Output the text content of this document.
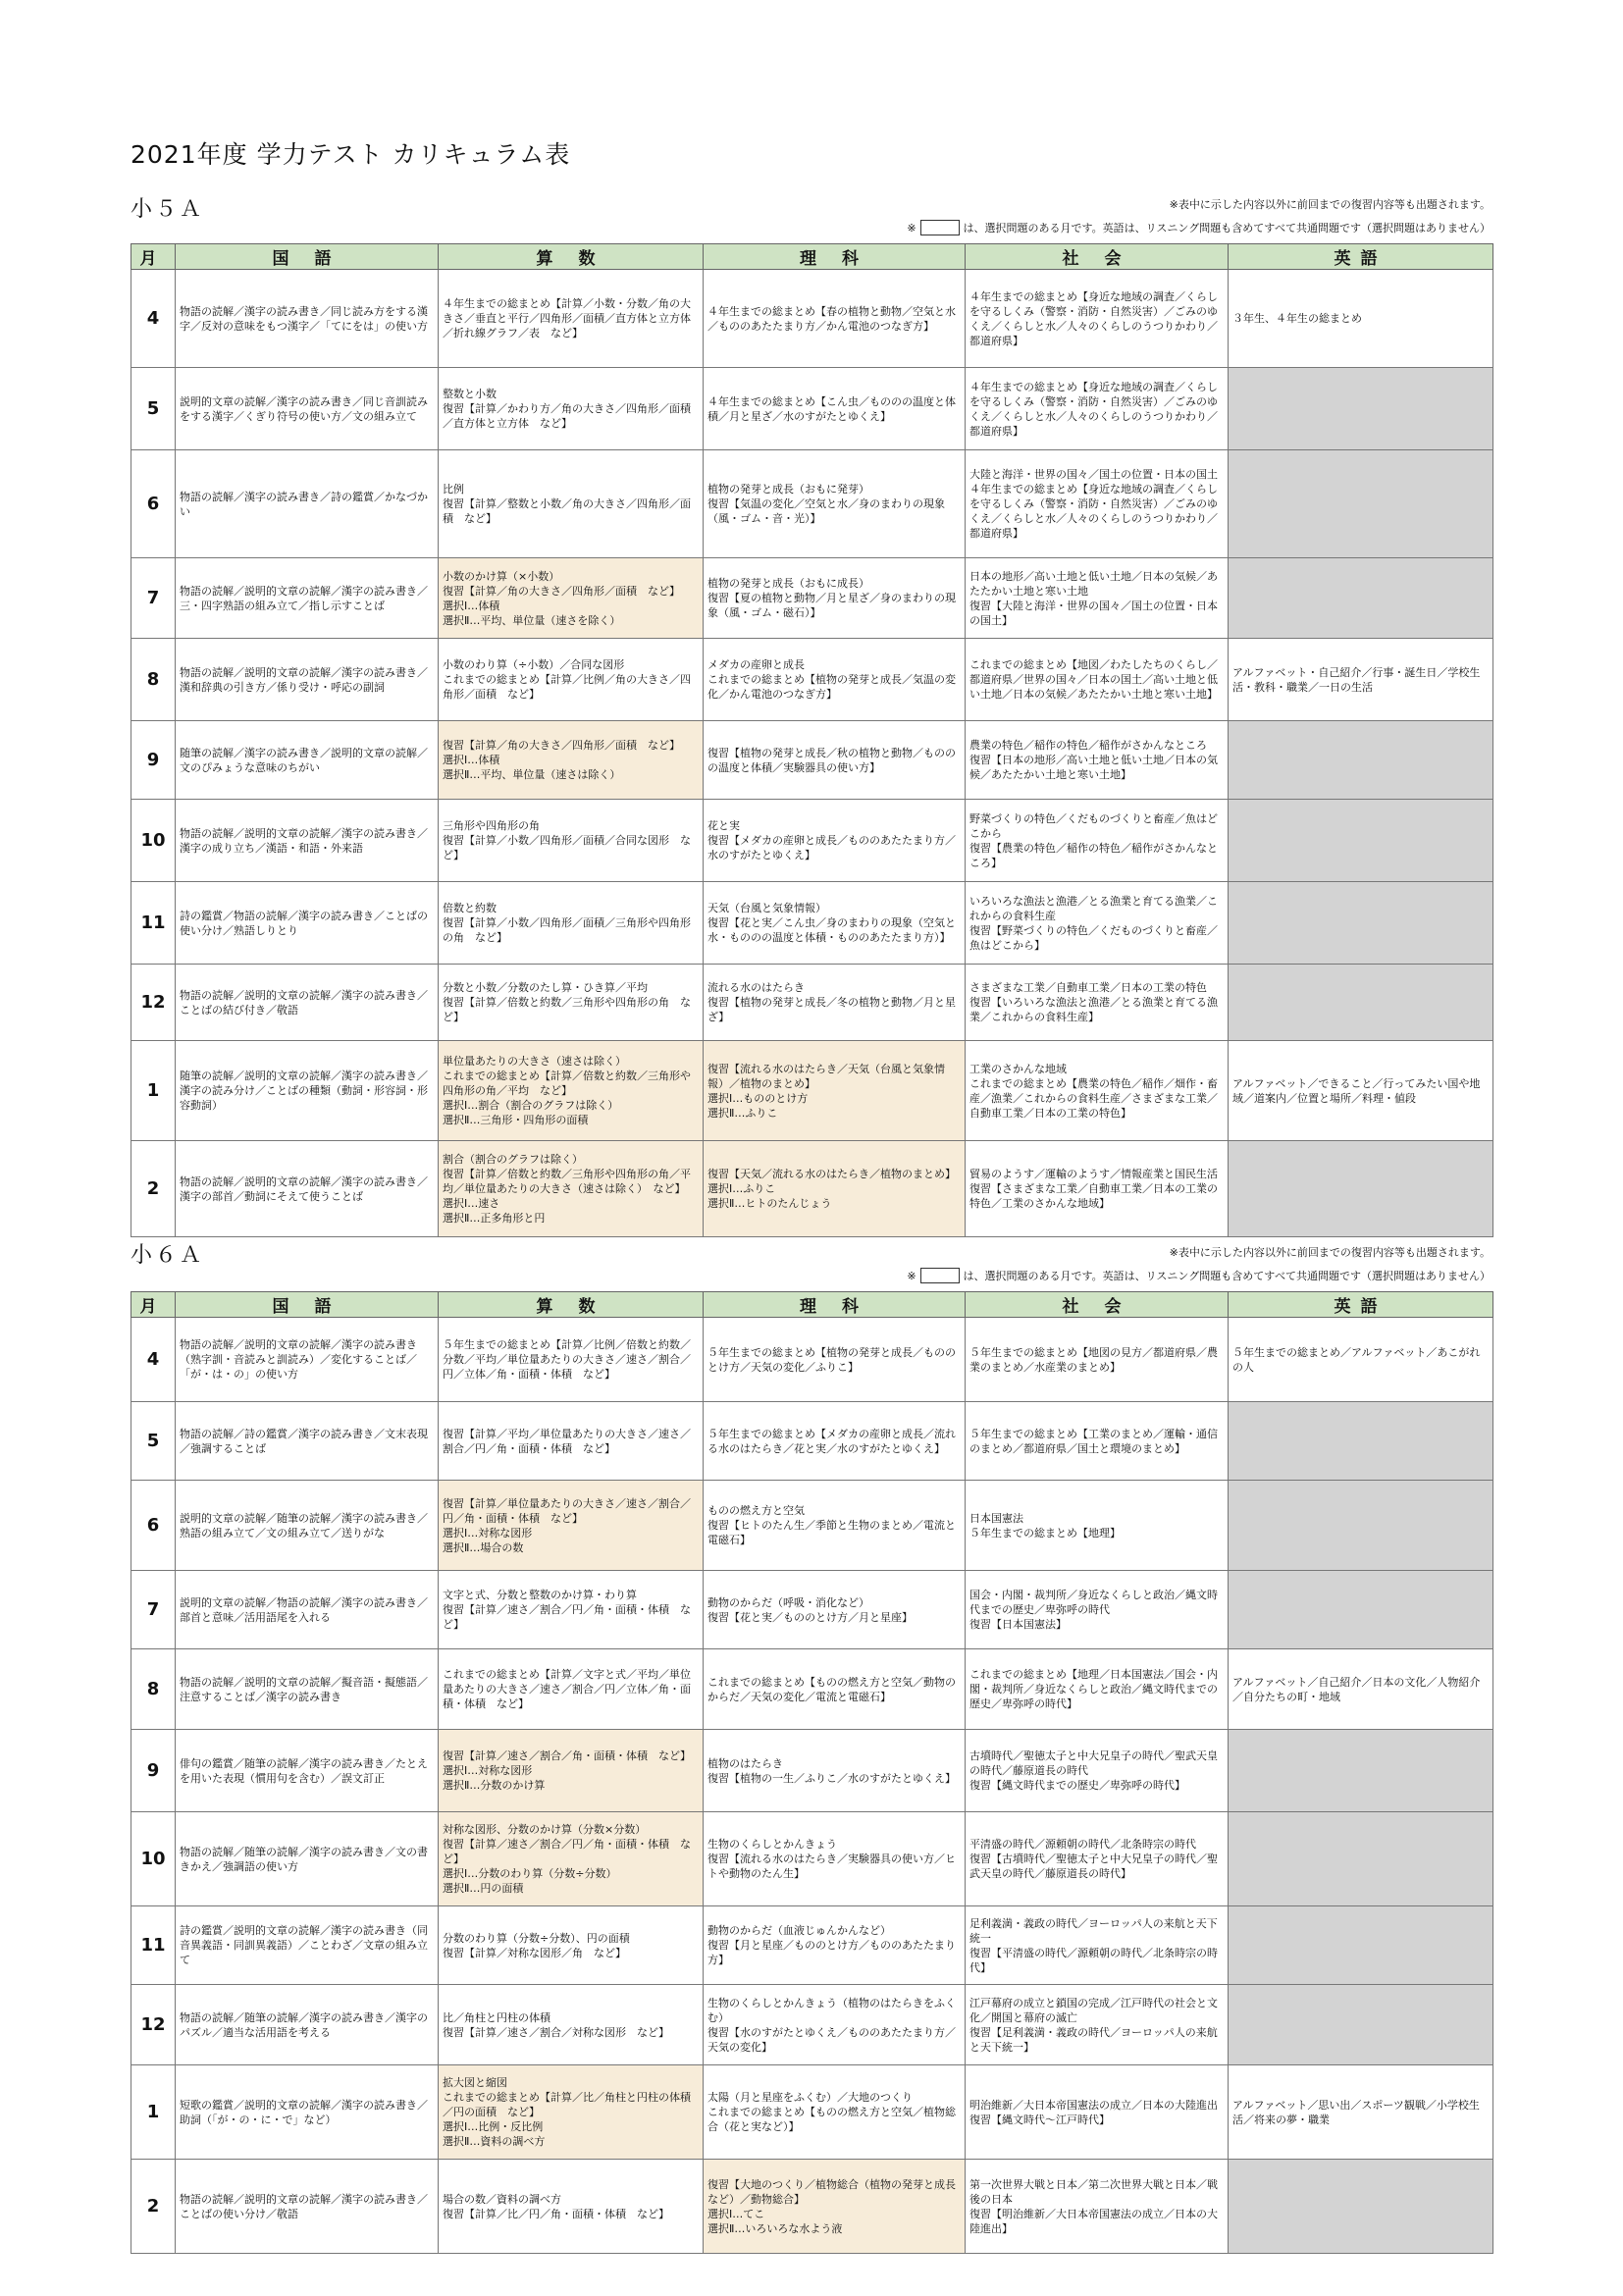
2021年度 学力テスト カリキュラム表
小５Ａ	※表中に示した内容以外に前回までの復習内容等も出題されます。
※	は、選択問題のある月です。英語は、リスニング問題も含めてすべて共通問題です（選択問題はありません）
月	国 語	算 数	理 科	社 会	英語
4	物語の読解／漢字の読み書き／同じ読み方をする漢字／反対の意味をもつ漢字／「てにをは」の使い方	４年生までの総まとめ【計算／小数・分数／角の大きさ／垂直と平行／四角形／面積／直方体と立方体／折れ線グラフ／表　など】	４年生までの総まとめ【春の植物と動物／空気と水／もののあたたまり方／かん電池のつなぎ方】	４年生までの総まとめ【身近な地域の調査／くらしを守るしくみ（警察・消防・自然災害）／ごみのゆくえ／くらしと水／人々のくらしのうつりかわり／都道府県】	３年生、４年生の総まとめ
5	説明的文章の読解／漢字の読み書き／同じ音訓読みをする漢字／くぎり符号の使い方／文の組み立て	整数と小数
復習【計算／かわり方／角の大きさ／四角形／面積／直方体と立方体　など】	４年生までの総まとめ【こん虫／もののの温度と体積／月と星ざ／水のすがたとゆくえ】	４年生までの総まとめ【身近な地域の調査／くらしを守るしくみ（警察・消防・自然災害）／ごみのゆくえ／くらしと水／人々のくらしのうつりかわり／都道府県】	
6	物語の読解／漢字の読み書き／詩の鑑賞／かなづかい	比例
復習【計算／整数と小数／角の大きさ／四角形／面積　など】	植物の発芽と成長（おもに発芽）
復習【気温の変化／空気と水／身のまわりの現象（風・ゴム・音・光）】	大陸と海洋・世界の国々／国土の位置・日本の国土
４年生までの総まとめ【身近な地域の調査／くらしを守るしくみ（警察・消防・自然災害）／ごみのゆくえ／くらしと水／人々のくらしのうつりかわり／都道府県】	
7	物語の読解／説明的文章の読解／漢字の読み書き／三・四字熟語の組み立て／指し示すことば	小数のかけ算（×小数）
復習【計算／角の大きさ／四角形／面積　など】
選択Ⅰ…体積
選択Ⅱ…平均、単位量（速さを除く）	植物の発芽と成長（おもに成長）
復習【夏の植物と動物／月と星ざ／身のまわりの現象（風・ゴム・磁石）】	日本の地形／高い土地と低い土地／日本の気候／あたたかい土地と寒い土地
復習【大陸と海洋・世界の国々／国土の位置・日本の国土】	
8	物語の読解／説明的文章の読解／漢字の読み書き／漢和辞典の引き方／係り受け・呼応の副詞	小数のわり算（÷小数）／合同な図形
これまでの総まとめ【計算／比例／角の大きさ／四角形／面積　など】	メダカの産卵と成長
これまでの総まとめ【植物の発芽と成長／気温の変化／かん電池のつなぎ方】	これまでの総まとめ【地図／わたしたちのくらし／都道府県／世界の国々／日本の国土／高い土地と低い土地／日本の気候／あたたかい土地と寒い土地】	アルファベット・自己紹介／行事・誕生日／学校生活・教科・職業／一日の生活
9	随筆の読解／漢字の読み書き／説明的文章の読解／文のぴみょうな意味のちがい	復習【計算／角の大きさ／四角形／面積　など】
選択Ⅰ…体積
選択Ⅱ…平均、単位量（速さは除く）	復習【植物の発芽と成長／秋の植物と動物／もののの温度と体積／実験器具の使い方】	農業の特色／稲作の特色／稲作がさかんなところ
復習【日本の地形／高い土地と低い土地／日本の気候／あたたかい土地と寒い土地】	
10	物語の読解／説明的文章の読解／漢字の読み書き／漢字の成り立ち／漢語・和語・外来語	三角形や四角形の角
復習【計算／小数／四角形／面積／合同な図形　など】	花と実
復習【メダカの産卵と成長／もののあたたまり方／水のすがたとゆくえ】	野菜づくりの特色／くだものづくりと畜産／魚はどこから
復習【農業の特色／稲作の特色／稲作がさかんなところ】	
11	詩の鑑賞／物語の読解／漢字の読み書き／ことばの使い分け／熟語しりとり	倍数と約数
復習【計算／小数／四角形／面積／三角形や四角形の角　など】	天気（台風と気象情報）
復習【花と実／こん虫／身のまわりの現象（空気と水・もののの温度と体積・もののあたたまり方）】	いろいろな漁法と漁港／とる漁業と育てる漁業／これからの食料生産
復習【野菜づくりの特色／くだものづくりと畜産／魚はどこから】	
12	物語の読解／説明的文章の読解／漢字の読み書き／ことばの結び付き／敬語	分数と小数／分数のたし算・ひき算／平均
復習【計算／倍数と約数／三角形や四角形の角　など】	流れる水のはたらき
復習【植物の発芽と成長／冬の植物と動物／月と星ざ】	さまざまな工業／自動車工業／日本の工業の特色
復習【いろいろな漁法と漁港／とる漁業と育てる漁業／これからの食料生産】	
1	随筆の読解／説明的文章の読解／漢字の読み書き／漢字の読み分け／ことばの種類（動詞・形容詞・形容動詞）	単位量あたりの大きさ（速さは除く）
これまでの総まとめ【計算／倍数と約数／三角形や四角形の角／平均　など】
選択Ⅰ…割合（割合のグラフは除く）
選択Ⅱ…三角形・四角形の面積	復習【流れる水のはたらき／天気（台風と気象情報）／植物のまとめ】
選択Ⅰ…もののとけ方
選択Ⅱ…ふりこ	工業のさかんな地域
これまでの総まとめ【農業の特色／稲作／畑作・畜産／漁業／これからの食料生産／さまざまな工業／自動車工業／日本の工業の特色】	アルファベット／できること／行ってみたい国や地域／道案内／位置と場所／料理・値段
2	物語の読解／説明的文章の読解／漢字の読み書き／漢字の部首／動詞にそえて使うことば	割合（割合のグラフは除く）
復習【計算／倍数と約数／三角形や四角形の角／平均／単位量あたりの大きさ（速さは除く）　など】
選択Ⅰ…速さ
選択Ⅱ…正多角形と円	復習【天気／流れる水のはたらき／植物のまとめ】
選択Ⅰ…ふりこ
選択Ⅱ…ヒトのたんじょう	貿易のようす／運輸のようす／情報産業と国民生活
復習【さまざまな工業／自動車工業／日本の工業の特色／工業のさかんな地域】	
小６Ａ	※表中に示した内容以外に前回までの復習内容等も出題されます。
※	は、選択問題のある月です。英語は、リスニング問題も含めてすべて共通問題です（選択問題はありません）
月	国 語	算 数	理 科	社 会	英語
4	物語の読解／説明的文章の読解／漢字の読み書き（熟字訓・音読みと訓読み）／変化することば／「が・は・の」の使い方	５年生までの総まとめ【計算／比例／倍数と約数／分数／平均／単位量あたりの大きさ／速さ／割合／円／立体／角・面積・体積　など】	５年生までの総まとめ【植物の発芽と成長／もののとけ方／天気の変化／ふりこ】	５年生までの総まとめ【地図の見方／都道府県／農業のまとめ／水産業のまとめ】	５年生までの総まとめ／アルファベット／あこがれの人
5	物語の読解／詩の鑑賞／漢字の読み書き／文末表現／強調することば	復習【計算／平均／単位量あたりの大きさ／速さ／割合／円／角・面積・体積　など】	５年生までの総まとめ【メダカの産卵と成長／流れる水のはたらき／花と実／水のすがたとゆくえ】	５年生までの総まとめ【工業のまとめ／運輸・通信のまとめ／都道府県／国土と環境のまとめ】	
6	説明的文章の読解／随筆の読解／漢字の読み書き／熟語の組み立て／文の組み立て／送りがな	復習【計算／単位量あたりの大きさ／速さ／割合／円／角・面積・体積　など】
選択Ⅰ…対称な図形
選択Ⅱ…場合の数	ものの燃え方と空気
復習【ヒトのたん生／季節と生物のまとめ／電流と電磁石】	日本国憲法
５年生までの総まとめ【地理】	
7	説明的文章の読解／物語の読解／漢字の読み書き／部首と意味／活用語尾を入れる	文字と式、分数と整数のかけ算・わり算
復習【計算／速さ／割合／円／角・面積・体積　など】	動物のからだ（呼吸・消化など）
復習【花と実／もののとけ方／月と星座】	国会・内閣・裁判所／身近なくらしと政治／縄文時代までの歴史／卑弥呼の時代
復習【日本国憲法】	
8	物語の読解／説明的文章の読解／擬音語・擬態語／注意することば／漢字の読み書き	これまでの総まとめ【計算／文字と式／平均／単位量あたりの大きさ／速さ／割合／円／立体／角・面積・体積　など】	これまでの総まとめ【ものの燃え方と空気／動物のからだ／天気の変化／電流と電磁石】	これまでの総まとめ【地理／日本国憲法／国会・内閣・裁判所／身近なくらしと政治／縄文時代までの歴史／卑弥呼の時代】	アルファベット／自己紹介／日本の文化／人物紹介／自分たちの町・地域
9	俳句の鑑賞／随筆の読解／漢字の読み書き／たとえを用いた表現（慣用句を含む）／誤文訂正	復習【計算／速さ／割合／角・面積・体積　など】
選択Ⅰ…対称な図形
選択Ⅱ…分数のかけ算	植物のはたらき
復習【植物の一生／ふりこ／水のすがたとゆくえ】	古墳時代／聖徳太子と中大兄皇子の時代／聖武天皇の時代／藤原道長の時代
復習【縄文時代までの歴史／卑弥呼の時代】	
10	物語の読解／随筆の読解／漢字の読み書き／文の書きかえ／強調語の使い方	対称な図形、分数のかけ算（分数×分数）
復習【計算／速さ／割合／円／角・面積・体積　など】
選択Ⅰ…分数のわり算（分数÷分数）
選択Ⅱ…円の面積	生物のくらしとかんきょう
復習【流れる水のはたらき／実験器具の使い方／ヒトや動物のたん生】	平清盛の時代／源頼朝の時代／北条時宗の時代
復習【古墳時代／聖徳太子と中大兄皇子の時代／聖武天皇の時代／藤原道長の時代】	
11	詩の鑑賞／説明的文章の読解／漢字の読み書き（同音異義語・同訓異義語）／ことわざ／文章の組み立て	分数のわり算（分数÷分数）、円の面積
復習【計算／対称な図形／角　など】	動物のからだ（血液じゅんかんなど）
復習【月と星座／もののとけ方／もののあたたまり方】	足利義満・義政の時代／ヨーロッパ人の来航と天下統一
復習【平清盛の時代／源頼朝の時代／北条時宗の時代】	
12	物語の読解／随筆の読解／漢字の読み書き／漢字のパズル／適当な活用語を考える	比／角柱と円柱の体積
復習【計算／速さ／割合／対称な図形　など】	生物のくらしとかんきょう（植物のはたらきをふくむ）
復習【水のすがたとゆくえ／もののあたたまり方／天気の変化】	江戸幕府の成立と鎖国の完成／江戸時代の社会と文化／開国と幕府の滅亡
復習【足利義満・義政の時代／ヨーロッパ人の来航と天下統一】	
1	短歌の鑑賞／説明的文章の読解／漢字の読み書き／助詞（「が・の・に・で」など）	拡大図と縮図
これまでの総まとめ【計算／比／角柱と円柱の体積／円の面積　など】
選択Ⅰ…比例・反比例
選択Ⅱ…資料の調べ方	太陽（月と星座をふくむ）／大地のつくり
これまでの総まとめ【ものの燃え方と空気／植物総合（花と実など）】	明治維新／大日本帝国憲法の成立／日本の大陸進出
復習【縄文時代～江戸時代】	アルファベット／思い出／スポーツ観戦／小学校生活／将来の夢・職業
2	物語の読解／説明的文章の読解／漢字の読み書き／ことばの使い分け／敬語	場合の数／資料の調べ方
復習【計算／比／円／角・面積・体積　など】	復習【大地のつくり／植物総合（植物の発芽と成長など）／動物総合】
選択Ⅰ…てこ
選択Ⅱ…いろいろな水よう液	第一次世界大戦と日本／第二次世界大戦と日本／戦後の日本
復習【明治維新／大日本帝国憲法の成立／日本の大陸進出】	
